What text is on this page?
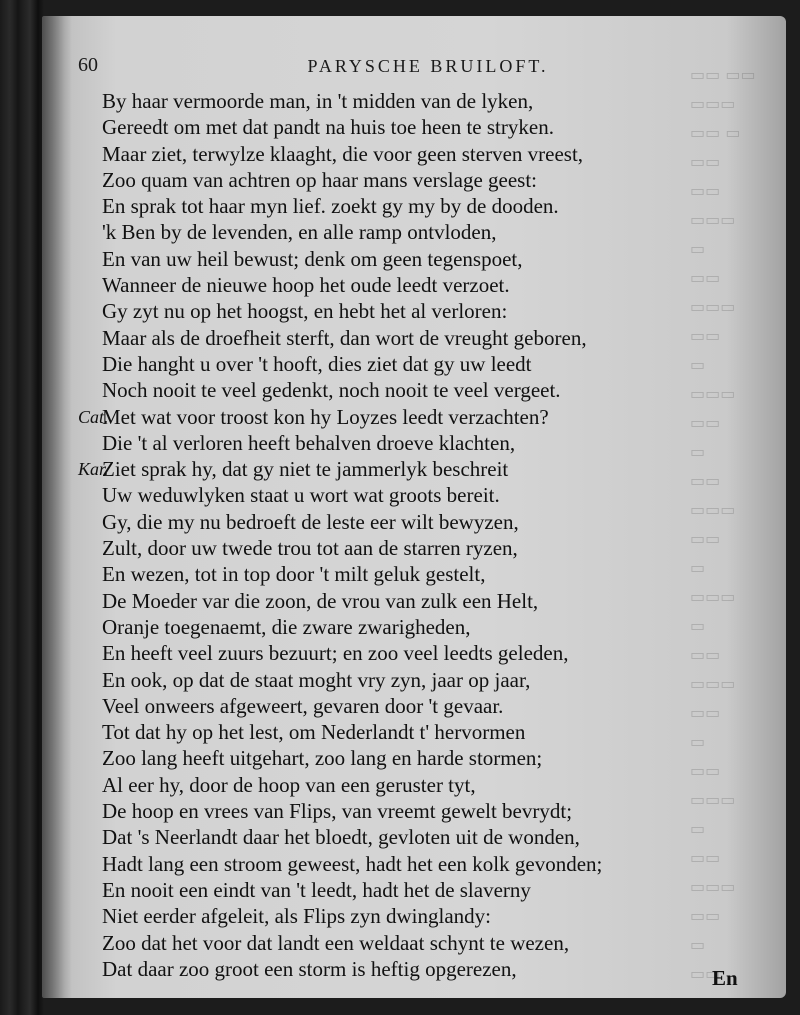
▭▭ ▭▭
▭▭▭
▭▭ ▭
▭▭
▭▭
▭▭▭
▭
▭▭
▭▭▭
▭▭
▭
▭▭▭
▭▭
▭
▭▭
▭▭▭
▭▭
▭
▭▭▭
▭
▭▭
▭▭▭
▭▭
▭
▭▭
▭▭▭
▭
▭▭
▭▭▭
▭▭
▭
▭▭
60	PARYSCHE BRUILOFT.
By haar vermoorde man, in 't midden van de lyken,
Gereedt om met dat pandt na huis toe heen te stryken.
Maar ziet, terwylze klaaght, die voor geen sterven vreest,
Zoo quam van achtren op haar mans verslage geest:
En sprak tot haar myn lief. zoekt gy my by de dooden.
'k Ben by de levenden, en alle ramp ontvloden,
En van uw heil bewust; denk om geen tegenspoet,
Wanneer de nieuwe hoop het oude leedt verzoet.
Gy zyt nu op het hoogst, en hebt het al verloren:
Maar als de droefheit sterft, dan wort de vreught geboren,
Die hanght u over 't hooft, dies ziet dat gy uw leedt
Noch nooit te veel gedenkt, noch nooit te veel vergeet.
Cat.
Met wat voor troost kon hy Loyzes leedt verzachten?
Die 't al verloren heeft behalven droeve klachten,
Kar.
Ziet sprak hy, dat gy niet te jammerlyk beschreit
Uw weduwlyken staat u wort wat groots bereit.
Gy, die my nu bedroeft de leste eer wilt bewyzen,
Zult, door uw twede trou tot aan de starren ryzen,
En wezen, tot in top door 't milt geluk gestelt,
De Moeder var die zoon, de vrou van zulk een Helt,
Oranje toegenaemt, die zware zwarigheden,
En heeft veel zuurs bezuurt; en zoo veel leedts geleden,
En ook, op dat de staat moght vry zyn, jaar op jaar,
Veel onweers afgeweert, gevaren door 't gevaar.
Tot dat hy op het lest, om Nederlandt t' hervormen
Zoo lang heeft uitgehart, zoo lang en harde stormen;
Al eer hy, door de hoop van een geruster tyt,
De hoop en vrees van Flips, van vreemt gewelt bevrydt;
Dat 's Neerlandt daar het bloedt, gevloten uit de wonden,
Hadt lang een stroom geweest, hadt het een kolk gevonden;
En nooit een eindt van 't leedt, hadt het de slaverny
Niet eerder afgeleit, als Flips zyn dwinglandy:
Zoo dat het voor dat landt een weldaat schynt te wezen,
Dat daar zoo groot een storm is heftig opgerezen,	En
